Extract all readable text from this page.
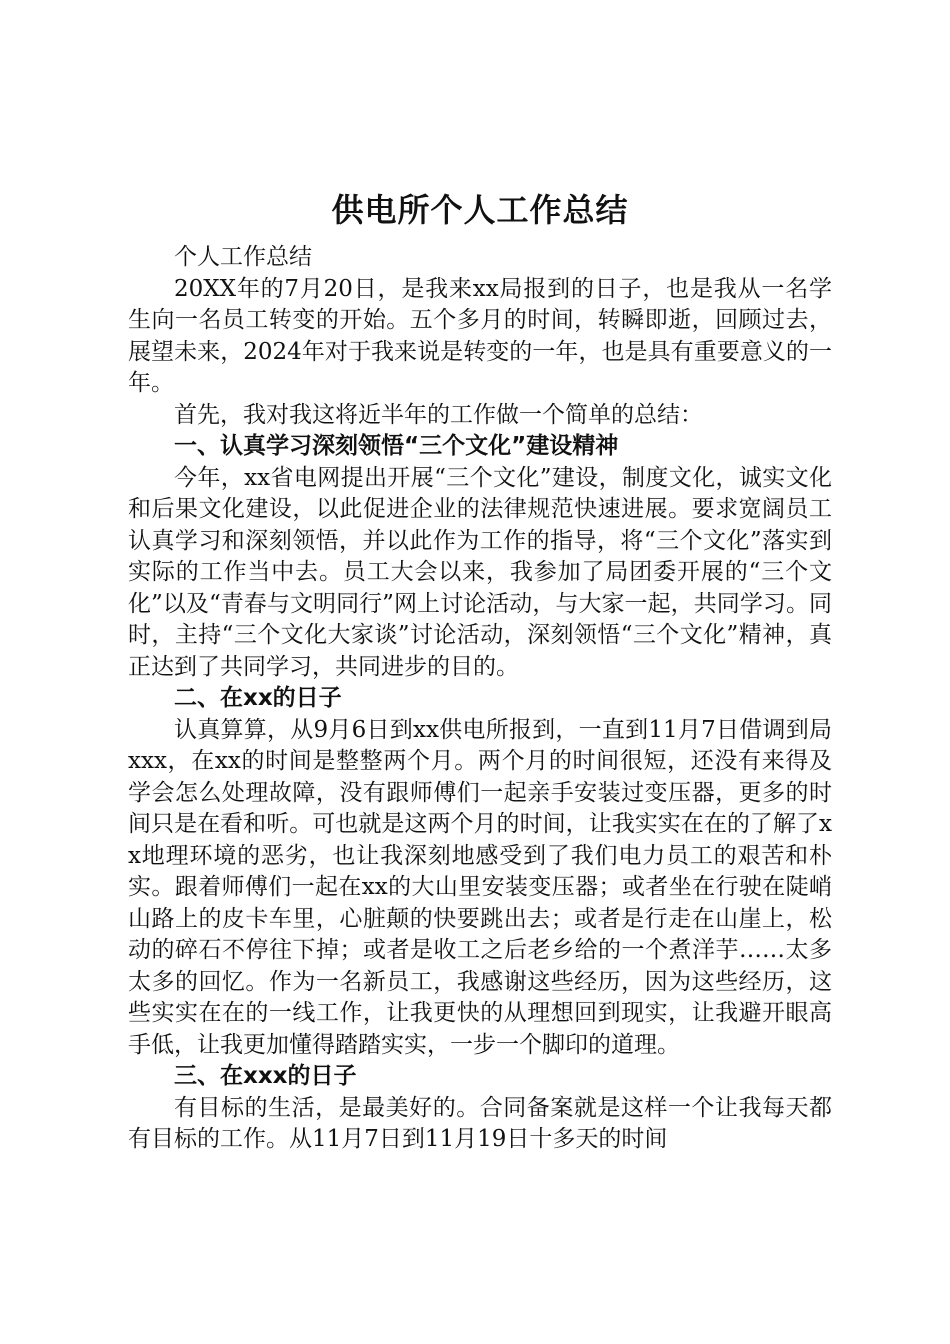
供电所个人工作总结

个人工作总结

20XX年的7月20日，是我来xx局报到的日子，也是我从一名学生向一名员工转变的开始。五个多月的时间，转瞬即逝，回顾过去，展望未来，2024年对于我来说是转变的一年，也是具有重要意义的一年。

首先，我对我这将近半年的工作做一个简单的总结：

一、认真学习深刻领悟“三个文化”建设精神

今年，xx省电网提出开展“三个文化”建设，制度文化，诚实文化和后果文化建设，以此促进企业的法律规范快速进展。要求宽阔员工认真学习和深刻领悟，并以此作为工作的指导，将“三个文化”落实到实际的工作当中去。员工大会以来，我参加了局团委开展的“三个文化”以及“青春与文明同行”网上讨论活动，与大家一起，共同学习。同时，主持“三个文化大家谈”讨论活动，深刻领悟“三个文化”精神，真正达到了共同学习，共同进步的目的。

二、在xx的日子

认真算算，从9月6日到xx供电所报到，一直到11月7日借调到局xxx，在xx的时间是整整两个月。两个月的时间很短，还没有来得及学会怎么处理故障，没有跟师傅们一起亲手安装过变压器，更多的时间只是在看和听。可也就是这两个月的时间，让我实实在在的了解了xx地理环境的恶劣，也让我深刻地感受到了我们电力员工的艰苦和朴实。跟着师傅们一起在xx的大山里安装变压器；或者坐在行驶在陡峭山路上的皮卡车里，心脏颠的快要跳出去；或者是行走在山崖上，松动的碎石不停往下掉；或者是收工之后老乡给的一个煮洋芋……太多太多的回忆。作为一名新员工，我感谢这些经历，因为这些经历，这些实实在在的一线工作，让我更快的从理想回到现实，让我避开眼高手低，让我更加懂得踏踏实实，一步一个脚印的道理。

三、在xxx的日子

有目标的生活，是最美好的。合同备案就是这样一个让我每天都有目标的工作。从11月7日到11月19日十多天的时间
